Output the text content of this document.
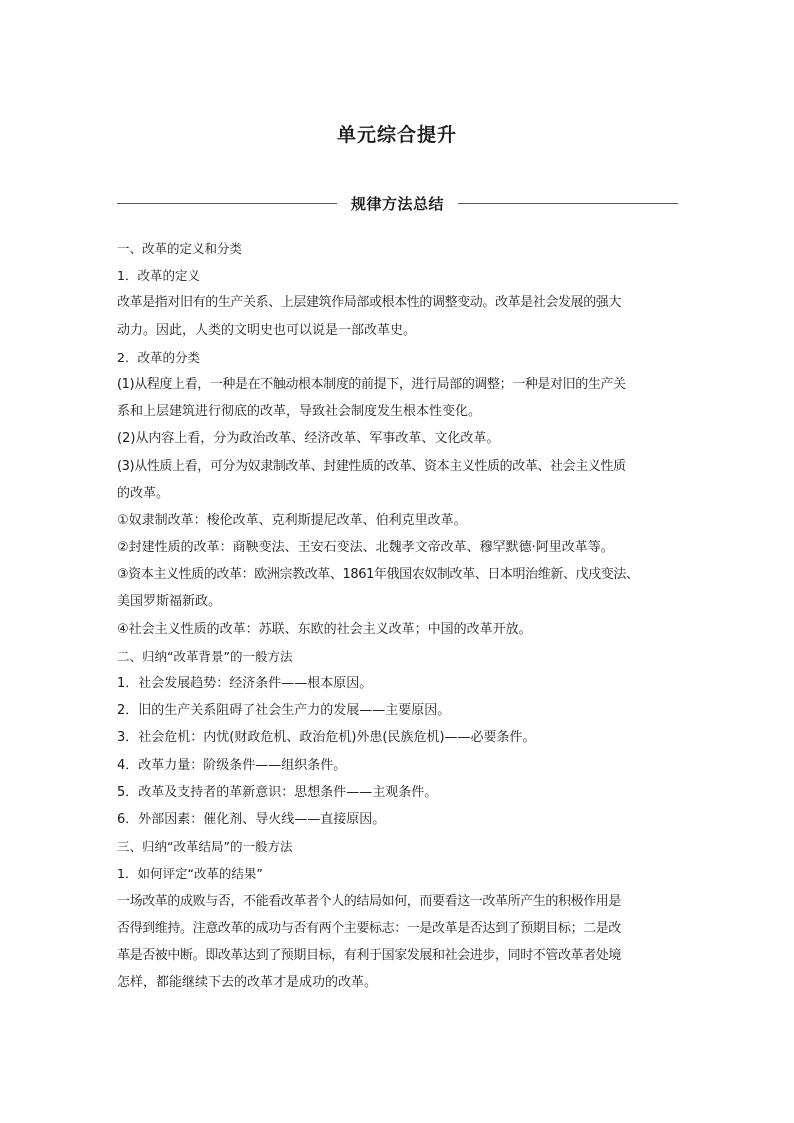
单元综合提升
规律方法总结
一、改革的定义和分类
1．改革的定义
改革是指对旧有的生产关系、上层建筑作局部或根本性的调整变动。改革是社会发展的强大
动力。因此，人类的文明史也可以说是一部改革史。
2．改革的分类
(1)从程度上看，一种是在不触动根本制度的前提下，进行局部的调整；一种是对旧的生产关
系和上层建筑进行彻底的改革，导致社会制度发生根本性变化。
(2)从内容上看，分为政治改革、经济改革、军事改革、文化改革。
(3)从性质上看，可分为奴隶制改革、封建性质的改革、资本主义性质的改革、社会主义性质
的改革。
①奴隶制改革：梭伦改革、克利斯提尼改革、伯利克里改革。
②封建性质的改革：商鞅变法、王安石变法、北魏孝文帝改革、穆罕默德·阿里改革等。
③资本主义性质的改革：欧洲宗教改革、1861年俄国农奴制改革、日本明治维新、戊戌变法、
美国罗斯福新政。
④社会主义性质的改革：苏联、东欧的社会主义改革；中国的改革开放。
二、归纳“改革背景”的一般方法
1．社会发展趋势：经济条件——根本原因。
2．旧的生产关系阻碍了社会生产力的发展——主要原因。
3．社会危机：内忧(财政危机、政治危机)外患(民族危机)——必要条件。
4．改革力量：阶级条件——组织条件。
5．改革及支持者的革新意识：思想条件——主观条件。
6．外部因素：催化剂、导火线——直接原因。
三、归纳“改革结局”的一般方法
1．如何评定“改革的结果”
一场改革的成败与否，不能看改革者个人的结局如何，而要看这一改革所产生的积极作用是
否得到维持。注意改革的成功与否有两个主要标志：一是改革是否达到了预期目标；二是改
革是否被中断。即改革达到了预期目标，有利于国家发展和社会进步，同时不管改革者处境
怎样，都能继续下去的改革才是成功的改革。
